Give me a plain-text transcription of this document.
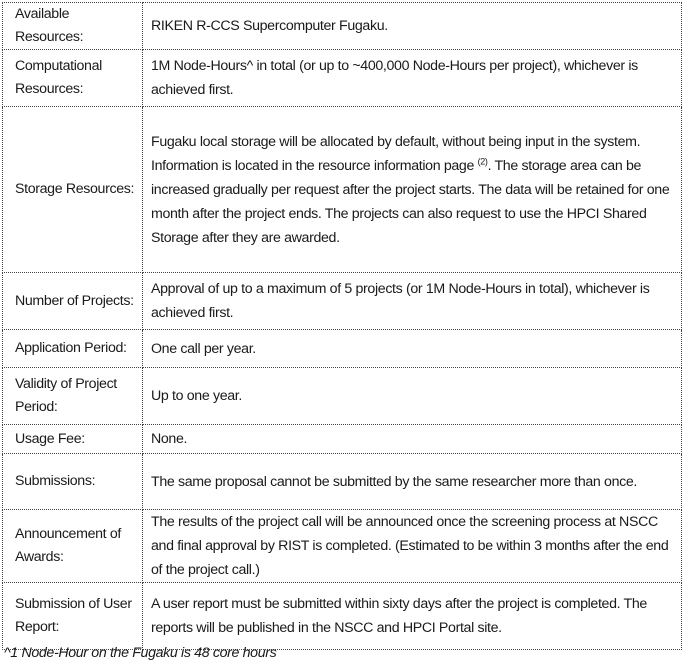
Available Resources:	RIKEN R-CCS Supercomputer Fugaku.
Computational Resources:	1M Node-Hours^ in total (or up to ~400,000 Node-Hours per project), whichever is achieved first.
Storage Resources:	Fugaku local storage will be allocated by default, without being input in the system. Information is located in the resource information page $^{(2)}$. The storage area can be increased gradually per request after the project starts. The data will be retained for one month after the project ends. The projects can also request to use the HPCI Shared Storage after they are awarded.
Number of Projects:	Approval of up to a maximum of 5 projects (or 1M Node-Hours in total), whichever is achieved first.
Application Period:	One call per year.
Validity of Project Period:	Up to one year.
Usage Fee:	None.
Submissions:	The same proposal cannot be submitted by the same researcher more than once.
Announcement of Awards:	The results of the project call will be announced once the screening process at NSCC and final approval by RIST is completed. (Estimated to be within 3 months after the end of the project call.)
Submission of User Report:	A user report must be submitted within sixty days after the project is completed. The reports will be published in the NSCC and HPCI Portal site.
^1 Node-Hour on the Fugaku is 48 core hours
